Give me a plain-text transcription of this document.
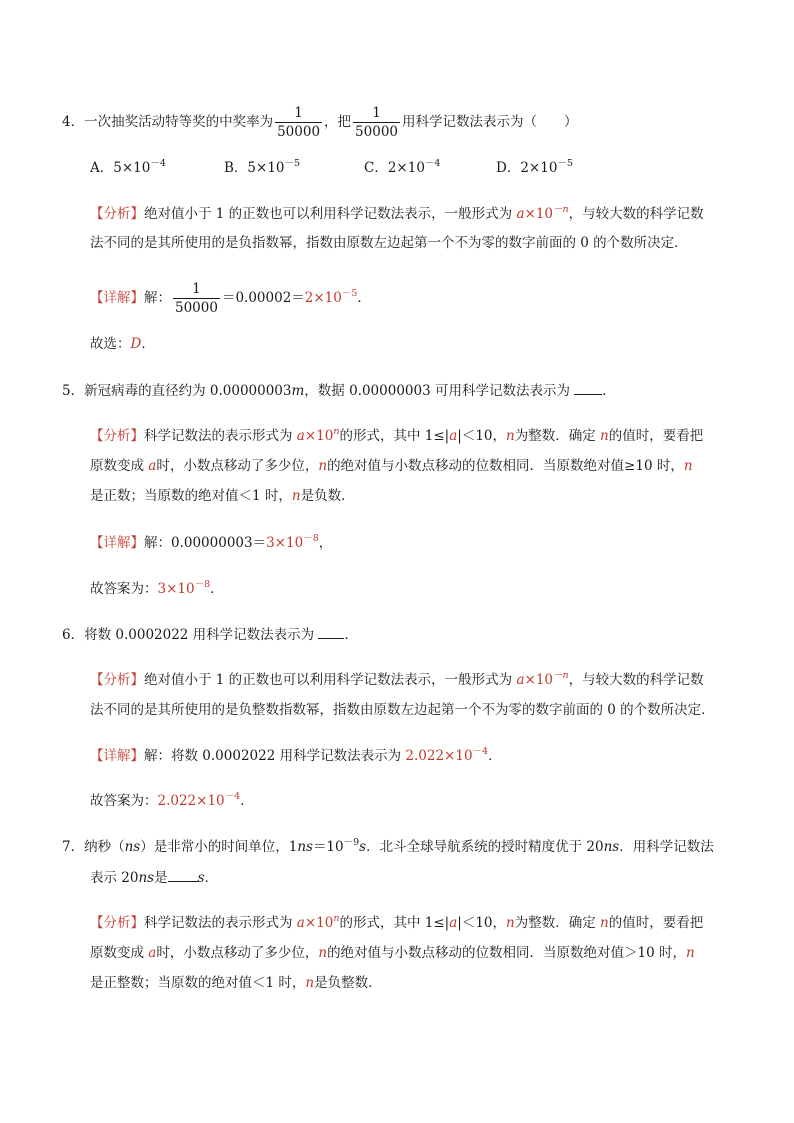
4．一次抽奖活动特等奖的中奖率为 $\frac{1}{50000}$ ，把 $\frac{1}{50000}$ 用科学记数法表示为（　　）
A．$5\times 10^{-4}$	B．$5\times 10^{-5}$	C．$2\times 10^{-4}$	D．$2\times 10^{-5}$
【分析】绝对值小于 1 的正数也可以利用科学记数法表示，一般形式为 $a\times 10^{-n}$，与较大数的科学记数
法不同的是其所使用的是负指数幂，指数由原数左边起第一个不为零的数字前面的 0 的个数所决定．
【详解】解： $\frac{1}{50000} =0.00002=2\times 10^{-5}$．
故选：D．
5．新冠病毒的直径约为 0.00000003m，数据 0.00000003 可用科学记数法表示为 ．
【分析】科学记数法的表示形式为 $a\times 10^n$的形式，其中 1≤|a|＜10，n为整数．确定 n的值时，要看把
原数变成 a时，小数点移动了多少位，n的绝对值与小数点移动的位数相同．当原数绝对值≥10 时，n
是正数；当原数的绝对值＜1 时，n是负数．
【详解】解：$0.00000003=3\times 10^{-8}$，
故答案为：$3\times 10^{-8}$．
6．将数 0.0002022 用科学记数法表示为 ．
【分析】绝对值小于 1 的正数也可以利用科学记数法表示，一般形式为 $a\times 10^{-n}$，与较大数的科学记数
法不同的是其所使用的是负整数指数幂，指数由原数左边起第一个不为零的数字前面的 0 的个数所决定．
【详解】解：将数 0.0002022 用科学记数法表示为 $2.022\times 10^{-4}$．
故答案为：$2.022\times 10^{-4}$．
7．纳秒（ns）是非常小的时间单位，$1ns=10^{-9}s$．北斗全球导航系统的授时精度优于 20ns．用科学记数法
表示 20ns是 s．
【分析】科学记数法的表示形式为 $a\times 10^n$的形式，其中 1≤|a|＜10，n为整数．确定 n的值时，要看把
原数变成 a时，小数点移动了多少位，n的绝对值与小数点移动的位数相同．当原数绝对值＞10 时，n
是正整数；当原数的绝对值＜1 时，n是负整数．
